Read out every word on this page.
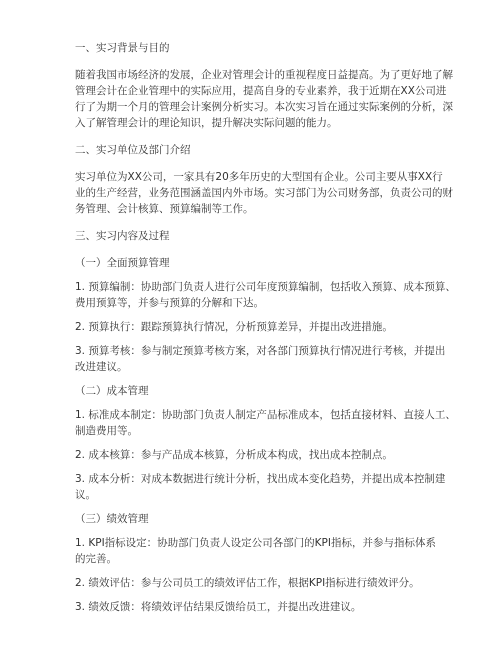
一、实习背景与目的

随着我国市场经济的发展，企业对管理会计的重视程度日益提高。为了更好地了解

管理会计在企业管理中的实际应用，提高自身的专业素养，我于近期在XX公司进

行了为期一个月的管理会计案例分析实习。本次实习旨在通过实际案例的分析，深

入了解管理会计的理论知识，提升解决实际问题的能力。

二、实习单位及部门介绍

实习单位为XX公司，一家具有20多年历史的大型国有企业。公司主要从事XX行

业的生产经营，业务范围涵盖国内外市场。实习部门为公司财务部，负责公司的财

务管理、会计核算、预算编制等工作。

三、实习内容及过程

（一）全面预算管理

1. 预算编制：协助部门负责人进行公司年度预算编制，包括收入预算、成本预算、

费用预算等，并参与预算的分解和下达。

2. 预算执行：跟踪预算执行情况，分析预算差异，并提出改进措施。

3. 预算考核：参与制定预算考核方案，对各部门预算执行情况进行考核，并提出

改进建议。

（二）成本管理

1. 标准成本制定：协助部门负责人制定产品标准成本，包括直接材料、直接人工、

制造费用等。

2. 成本核算：参与产品成本核算，分析成本构成，找出成本控制点。

3. 成本分析：对成本数据进行统计分析，找出成本变化趋势，并提出成本控制建

议。

（三）绩效管理

1. KPI指标设定：协助部门负责人设定公司各部门的KPI指标，并参与指标体系

的完善。

2. 绩效评估：参与公司员工的绩效评估工作，根据KPI指标进行绩效评分。

3. 绩效反馈：将绩效评估结果反馈给员工，并提出改进建议。
